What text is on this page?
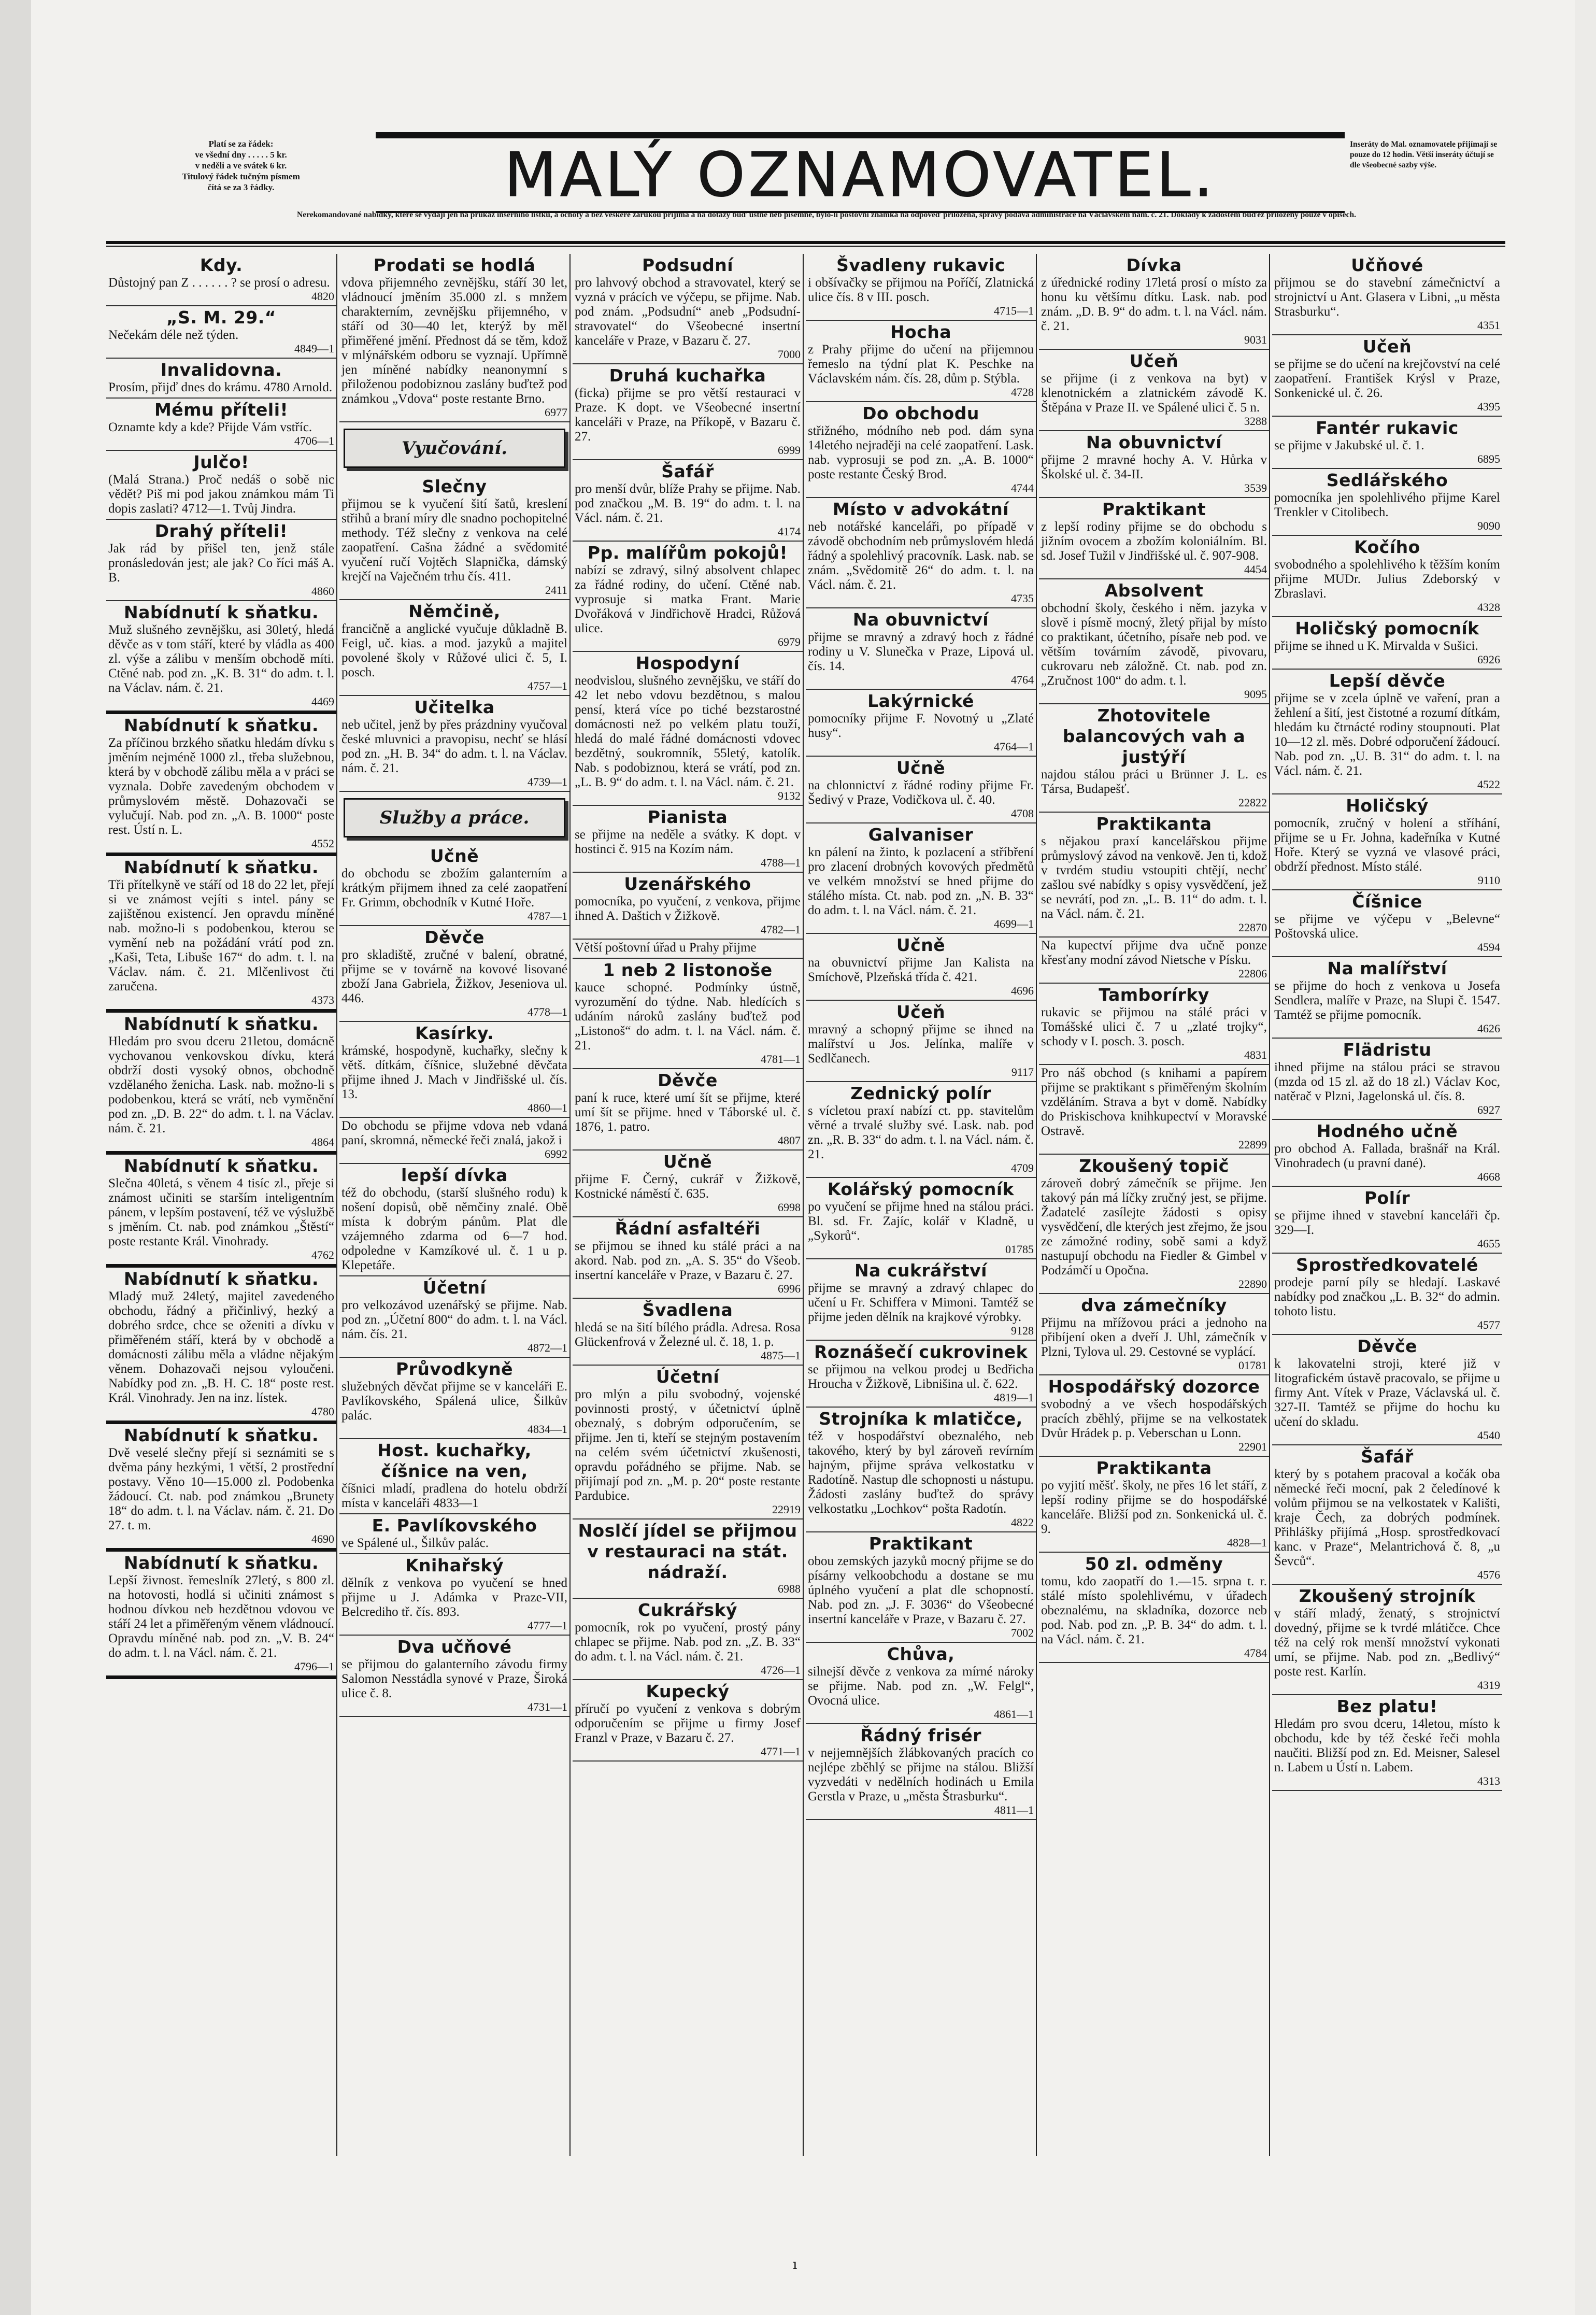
Platí se za řádek:
ve všední dny . . . . . 5 kr.
v neděli a ve svátek 6 kr.
Titulový řádek tučným písmem
čítá se za 3 řádky.	MALÝ OZNAMOVATEL.	Inseráty do Mal. oznamovatele přijímají se pouze do 12 hodin. Větší inseráty účtují se dle všeobecné sazby výše.
Nerekomandované nabídky, které se vydají jen na průkaz inserního lístku, a ochoty a bez veškeré zárukou přijímá a na dotazy buď ústně neb písemně, bylo-li poštovní známka na odpověď přiložena, správy podává administrace na Václavském nám. č. 21. Doklady k žádostem buďež přiloženy pouze v opisech.
Kdy.
Důstojný pan Z . . . . . . ? se prosí o adresu.
4820
„S. M. 29.“
Nečekám déle než týden.
4849—1
Invalidovna.
Prosím, přijď dnes do krámu. 4780 Arnold.
Mému příteli!
Oznamte kdy a kde? Přijde Vám vstříc.
4706—1
Julčo!
(Malá Strana.) Proč nedáš o sobě nic vědět? Piš mi pod jakou známkou mám Ti dopis zaslati? 4712—1. Tvůj Jindra.
Drahý příteli!
Jak rád by přišel ten, jenž stále pronásledován jest; ale jak? Co říci máš A. B.
4860
Nabídnutí k sňatku.
Muž slušného zevnějšku, asi 30letý, hledá děvče as v tom stáří, které by vládla as 400 zl. výše a zálibu v menším obchodě míti. Ctěné nab. pod zn. „K. B. 31“ do adm. t. l. na Václav. nám. č. 21.
4469
Nabídnutí k sňatku.
Za příčinou brzkého sňatku hledám dívku s jměním nejméně 1000 zl., třeba služebnou, která by v obchodě zálibu měla a v práci se vyznala. Dobře zavedeným obchodem v průmyslovém městě. Dohazovači se vylučují. Nab. pod zn. „A. B. 1000“ poste rest. Ústí n. L.
4552
Nabídnutí k sňatku.
Tři přítelkyně ve stáří od 18 do 22 let, přejí si ve známost vejíti s intel. pány se zajištěnou existencí. Jen opravdu míněné nab. možno-li s podobenkou, kterou se vymění neb na požádání vrátí pod zn. „Kaši, Teta, Libuše 167“ do adm. t. l. na Václav. nám. č. 21. Mlčenlivost čti zaručena.
4373
Nabídnutí k sňatku.
Hledám pro svou dceru 21letou, domácně vychovanou venkovskou dívku, která obdrží dosti vysoký obnos, obchodně vzdělaného ženicha. Lask. nab. možno-li s podobenkou, která se vrátí, neb vyměnění pod zn. „D. B. 22“ do adm. t. l. na Václav. nám. č. 21.
4864
Nabídnutí k sňatku.
Slečna 40letá, s věnem 4 tisíc zl., přeje si známost učiniti se starším inteligentním pánem, v lepším postavení, též ve výslužbě s jměním. Ct. nab. pod známkou „Štěstí“ poste restante Král. Vinohrady.
4762
Nabídnutí k sňatku.
Mladý muž 24letý, majitel zavedeného obchodu, řádný a přičinlivý, hezký a dobrého srdce, chce se oženiti a dívku v přiměřeném stáří, která by v obchodě a domácnosti zálibu měla a vládne nějakým věnem. Dohazovači nejsou vyloučeni. Nabídky pod zn. „B. H. C. 18“ poste rest. Král. Vinohrady. Jen na inz. lístek.
4780
Nabídnutí k sňatku.
Dvě veselé slečny přejí si seznámiti se s dvěma pány hezkými, 1 větší, 2 prostřední postavy. Věno 10—15.000 zl. Podobenka žádoucí. Ct. nab. pod známkou „Brunety 18“ do adm. t. l. na Václav. nám. č. 21. Do 27. t. m.
4690
Nabídnutí k sňatku.
Lepší živnost. řemeslník 27letý, s 800 zl. na hotovosti, hodlá si učiniti známost s hodnou dívkou neb hezdětnou vdovou ve stáří 24 let a přiměřeným věnem vládnoucí. Opravdu míněné nab. pod zn. „V. B. 24“ do adm. t. l. na Václ. nám. č. 21.
4796—1
Prodati se hodlá
vdova přijemného zevnějšku, stáří 30 let, vládnoucí jměním 35.000 zl. s mnžem charakterním, zevnějšku přijemného, v stáří od 30—40 let, kterýž by měl přiměřené jmění. Přednost dá se těm, kdož v mlýnářském odboru se vyznají. Upřímně jen míněné nabídky neanonymní s přiloženou podobiznou zaslány buďtež pod známkou „Vdova“ poste restante Brno.
6977
Vyučování.
Slečny
přijmou se k vyučení šití šatů, kreslení střihů a braní míry dle snadno pochopitelné methody. Též slečny z venkova na celé zaopatření. Cašna žádné a svědomité vyučení ručí Vojtěch Slapnička, dámský krejčí na Vaječném trhu čís. 411.
2411
Němčině,
francičně a anglické vyučuje důkladně B. Feigl, uč. kias. a mod. jazyků a majitel povolené školy v Růžové ulici č. 5, I. posch.
4757—1
Učitelka
neb učitel, jenž by přes prázdniny vyučoval české mluvnici a pravopisu, nechť se hlásí pod zn. „H. B. 34“ do adm. t. l. na Václav. nám. č. 21.
4739—1
Služby a práce.
Učně
do obchodu se zbožím galanterním a krátkým přijmem ihned za celé zaopatření Fr. Grimm, obchodník v Kutné Hoře.
4787—1
Děvče
pro skladiště, zručné v balení, obratné, přijme se v továrně na kovové lisované zboží Jana Gabriela, Žižkov, Jeseniova ul. 446.
4778—1
Kasírky.
krámské, hospodyně, kuchařky, slečny k větš. dítkám, číšnice, služebné děvčata přijme ihned J. Mach v Jindřišské ul. čís. 13.
4860—1
Do obchodu se přijme vdova neb vdaná paní, skromná, německé řeči znalá, jakož i
6992
lepší dívka
též do obchodu, (starší slušného rodu) k nošení dopisů, obě němčiny znalé. Obě místa k dobrým pánům. Plat dle vzájemného zdarma od 6—7 hod. odpoledne v Kamzíkové ul. č. 1 u p. Klepetáře.
Účetní
pro velkozávod uzenářský se přijme. Nab. pod zn. „Účetní 800“ do adm. t. l. na Václ. nám. čís. 21.
4872—1
Průvodkyně
služebných děvčat přijme se v kanceláři E. Pavlíkovského, Spálená ulice, Šilkův palác.
4834—1
Host. kuchařky, číšnice na ven,
číšnici mladí, pradlena do hotelu obdrží místa v kanceláři 4833—1
E. Pavlíkovského
ve Spálené ul., Šilkův palác.
Knihařský
dělník z venkova po vyučení se hned přijme u J. Adámka v Praze-VII, Belcrediho tř. čís. 893.
4777—1
Dva učňové
se přijmou do galanterního závodu firmy Salomon Nesstádla synové v Praze, Široká ulice č. 8.
4731—1
Podsudní
pro lahvový obchod a stravovatel, který se vyzná v prácích ve výčepu, se přijme. Nab. pod znám. „Podsudní“ aneb „Podsudní-stravovatel“ do Všeobecné insertní kanceláře v Praze, v Bazaru č. 27.
7000
Druhá kuchařka
(ficka) přijme se pro větší restauraci v Praze. K dopt. ve Všeobecné insertní kanceláři v Praze, na Příkopě, v Bazaru č. 27.
6999
Šafář
pro menší dvůr, blíže Prahy se přijme. Nab. pod značkou „M. B. 19“ do adm. t. l. na Václ. nám. č. 21.
4174
Pp. malířům pokojů!
nabízí se zdravý, silný absolvent chlapec za řádné rodiny, do učení. Ctěné nab. vyprosuje si matka Frant. Marie Dvořáková v Jindřichově Hradci, Růžová ulice.
6979
Hospodyní
neodvislou, slušného zevnějšku, ve stáří do 42 let nebo vdovu bezdětnou, s malou pensí, která více po tiché bezstarostné domácnosti než po velkém platu touží, hledá do malé řádné domácnosti vdovec bezdětný, soukromník, 55letý, katolík. Nab. s podobiznou, která se vrátí, pod zn. „L. B. 9“ do adm. t. l. na Václ. nám. č. 21.
9132
Pianista
se přijme na neděle a svátky. K dopt. v hostinci č. 915 na Kozím nám.
4788—1
Uzenářského
pomocníka, po vyučení, z venkova, přijme ihned A. Daštich v Žižkově.
4782—1
Větší poštovní úřad u Prahy přijme
1 neb 2 listonoše
kauce schopné. Podmínky ústně, vyrozumění do týdne. Nab. hledících s udáním nároků zaslány buďtež pod „Listonoš“ do adm. t. l. na Václ. nám. č. 21.
4781—1
Děvče
paní k ruce, které umí šít se přijme, které umí šít se přijme. hned v Táborské ul. č. 1876, 1. patro.
4807
Učně
přijme F. Černý, cukrář v Žižkově, Kostnické náměstí č. 635.
6998
Řádní asfaltéři
se přijmou se ihned ku stálé práci a na akord. Nab. pod zn. „A. S. 35“ do Všeob. insertní kanceláře v Praze, v Bazaru č. 27.
6996
Švadlena
hledá se na šití bílého prádla. Adresa. Rosa Glückenfrová v Železné ul. č. 18, 1. p.
4875—1
Účetní
pro mlýn a pilu svobodný, vojenské povinnosti prostý, v účetnictví úplně obeznalý, s dobrým odporučením, se přijme. Jen ti, kteří se stejným postavením na celém svém účetnictví zkušenosti, opravdu pořádného se přijme. Nab. se přijímají pod zn. „M. p. 20“ poste restante Pardubice.
22919
Noslčí jídel se přijmou v restauraci na stát. nádraží.
6988
Cukrářský
pomocník, rok po vyučení, prostý pány chlapec se přijme. Nab. pod zn. „Z. B. 33“ do adm. t. l. na Václ. nám. č. 21.
4726—1
Kupecký
příručí po vyučení z venkova s dobrým odporučením se přijme u firmy Josef Franzl v Praze, v Bazaru č. 27.
4771—1
Švadleny rukavic
i obšívačky se přijmou na Poříčí, Zlatnická ulice čís. 8 v III. posch.
4715—1
Hocha
z Prahy přijme do učení na přijemnou řemeslo na týdní plat K. Peschke na Václavském nám. čís. 28, dům p. Stýbla.
4728
Do obchodu
střižného, módního neb pod. dám syna 14letého nejraději na celé zaopatření. Lask. nab. vyprosuji se pod zn. „A. B. 1000“ poste restante Český Brod.
4744
Místo v advokátní
neb notářské kanceláři, po případě v závodě obchodním neb průmyslovém hledá řádný a spolehlivý pracovník. Lask. nab. se znám. „Svědomitě 26“ do adm. t. l. na Václ. nám. č. 21.
4735
Na obuvnictví
přijme se mravný a zdravý hoch z řádné rodiny u V. Slunečka v Praze, Lipová ul. čís. 14.
4764
Lakýrnické
pomocníky přijme F. Novotný u „Zlaté husy“.
4764—1
Učně
na chlonnictví z řádné rodiny přijme Fr. Šedivý v Praze, Vodičkova ul. č. 40.
4708
Galvaniser
kn pálení na žinto, k pozlacení a stříbření pro zlacení drobných kovových předmětů ve velkém množství se hned přijme do stálého místa. Ct. nab. pod zn. „N. B. 33“ do adm. t. l. na Václ. nám. č. 21.
4699—1
Učně
na obuvnictví přijme Jan Kalista na Smíchově, Plzeňská třída č. 421.
4696
Učeň
mravný a schopný přijme se ihned na malířství u Jos. Jelínka, malíře v Sedlčanech.
9117
Zednický polír
s vícletou praxí nabízí ct. pp. stavitelům věrné a trvalé služby své. Lask. nab. pod zn. „R. B. 33“ do adm. t. l. na Václ. nám. č. 21.
4709
Kolářský pomocník
po vyučení se přijme hned na stálou práci. Bl. sd. Fr. Zajíc, kolář v Kladně, u „Sykorů“.
01785
Na cukrářství
přijme se mravný a zdravý chlapec do učení u Fr. Schiffera v Mimoni. Tamtéž se přijme jeden dělník na krajkové výrobky.
9128
Roznášečí cukrovinek
se přijmou na velkou prodej u Bedřicha Hroucha v Žižkově, Libnišina ul. č. 622.
4819—1
Strojníka k mlatičce,
též v hospodářství obeznalého, neb takového, který by byl zároveň revírním hajným, přijme správa velkostatku v Radotíně. Nastup dle schopnosti u nástupu. Žádosti zaslány buďtež do správy velkostatku „Lochkov“ pošta Radotín.
4822
Praktikant
obou zemských jazyků mocný přijme se do písárny velkoobchodu a dostane se mu úplného vyučení a plat dle schopností. Nab. pod zn. „J. F. 3036“ do Všeobecné insertní kanceláře v Praze, v Bazaru č. 27.
7002
Chůva,
silnejší děvče z venkova za mírné nároky se přijme. Nab. pod zn. „W. Felgl“, Ovocná ulice.
4861—1
Řádný frisér
v nejjemnějších žlábkovaných pracích co nejlépe zběhlý se přijme na stálou. Bližší vyzvedáti v nedělních hodinách u Emila Gerstla v Praze, u „města Štrasburku“.
4811—1
Dívka
z úřednické rodiny 17letá prosí o místo za honu ku většímu dítku. Lask. nab. pod znám. „D. B. 9“ do adm. t. l. na Václ. nám. č. 21.
9031
Učeň
se přijme (i z venkova na byt) v klenotnickém a zlatnickém závodě K. Štěpána v Praze II. ve Spálené ulici č. 5 n.
3288
Na obuvnictví
přijme 2 mravné hochy A. V. Hůrka v Školské ul. č. 34-II.
3539
Praktikant
z lepší rodiny přijme se do obchodu s jižním ovocem a zbožím koloniálním. Bl. sd. Josef Tužil v Jindřišské ul. č. 907-908.
4454
Absolvent
obchodní školy, českého i něm. jazyka v slově i písmě mocný, žletý přijal by místo co praktikant, účetního, písaře neb pod. ve větším továrním závodě, pivovaru, cukrovaru neb záložně. Ct. nab. pod zn. „Zručnost 100“ do adm. t. l.
9095
Zhotovitele balancových vah a justýří
najdou stálou práci u Brünner J. L. es Társa, Budapešť.
22822
Praktikanta
s nějakou praxí kancelářskou přijme průmyslový závod na venkově. Jen ti, kdož v tvrdém studiu vstoupiti chtějí, nechť zašlou své nabídky s opisy vysvědčení, jež se nevrátí, pod zn. „L. B. 11“ do adm. t. l. na Václ. nám. č. 21.
22870
Na kupectví přijme dva učně ponze křesťany modní závod Nietsche v Písku.
22806
Tamborírky
rukavic se přijmou na stálé práci v Tomášské ulici č. 7 u „zlaté trojky“, schody v I. posch. 3. posch.
4831
Pro náš obchod (s knihami a papírem přijme se praktikant s přiměřeným školním vzděláním. Strava a byt v domě. Nabídky do Priskischova knihkupectví v Moravské Ostravě.
22899
Zkoušený topič
zároveň dobrý zámečník se přijme. Jen takový pán má líčky zručný jest, se přijme. Žadatelé zasílejte žádosti s opisy vysvědčení, dle kterých jest zřejmo, že jsou ze zámožné rodiny, sobě sami a když nastupují obchodu na Fiedler & Gimbel v Podzámčí u Opočna.
22890
dva zámečníky
Přijmu na mřížovou práci a jednoho na přibíjení oken a dveří J. Uhl, zámečník v Plzni, Tylova ul. 29. Cestovné se vyplácí.
01781
Hospodářský dozorce
svobodný a ve všech hospodářských pracích zběhlý, přijme se na velkostatek Dvůr Hrádek p. p. Veberschan u Lonn.
22901
Praktikanta
po vyjití měšť. školy, ne přes 16 let stáří, z lepší rodiny přijme se do hospodářské kanceláře. Bližší pod zn. Sonkenická ul. č. 9.
4828—1
50 zl. odměny
tomu, kdo zaopatří do 1.—15. srpna t. r. stálé místo spolehlivému, v úřadech obeznalému, na skladníka, dozorce neb pod. Nab. pod zn. „P. B. 34“ do adm. t. l. na Václ. nám. č. 21.
4784
Učňové
přijmou se do stavební zámečnictví a strojnictví u Ant. Glasera v Libni, „u města Strasburku“.
4351
Učeň
se přijme se do učení na krejčovství na celé zaopatření. František Krýsl v Praze, Sonkenické ul. č. 26.
4395
Fantér rukavic
se přijme v Jakubské ul. č. 1.
6895
Sedlářského
pomocníka jen spolehlivého přijme Karel Trenkler v Citolibech.
9090
Kočího
svobodného a spolehlivého k těžším koním přijme MUDr. Julius Zdeborský v Zbraslavi.
4328
Holičský pomocník
přijme se ihned u K. Mirvalda v Sušici.
6926
Lepší děvče
přijme se v zcela úplně ve vaření, pran a žehlení a šití, jest čistotné a rozumí dítkám, hledám ku čtrnácté rodiny stoupnouti. Plat 10—12 zl. měs. Dobré odporučení žádoucí. Nab. pod zn. „U. B. 31“ do adm. t. l. na Václ. nám. č. 21.
4522
Holičský
pomocník, zručný v holení a stříhání, přijme se u Fr. Johna, kadeřníka v Kutné Hoře. Který se vyzná ve vlasové práci, obdrží přednost. Místo stálé.
9110
Číšnice
se přijme ve výčepu v „Belevne“ Poštovská ulice.
4594
Na malířství
se přijme do hoch z venkova u Josefa Sendlera, malíře v Praze, na Slupi č. 1547. Tamtéž se přijme pomocník.
4626
Flädristu
ihned přijme na stálou práci se stravou (mzda od 15 zl. až do 18 zl.) Václav Koc, natěrač v Plzni, Jagelonská ul. čís. 8.
6927
Hodného učně
pro obchod A. Fallada, brašnář na Král. Vinohradech (u pravní dané).
4668
Polír
se přijme ihned v stavební kanceláři čp. 329—I.
4655
Sprostředkovatelé
prodeje parní píly se hledají. Laskavé nabídky pod značkou „L. B. 32“ do admin. tohoto listu.
4577
Děvče
k lakovatelni stroji, které již v litografickém ústavě pracovalo, se přijme u firmy Ant. Vítek v Praze, Václavská ul. č. 327-II. Tamtéž se přijme do hochu ku učení do skladu.
4540
Šafář
který by s potahem pracoval a kočák oba německé řeči mocní, pak 2 čeledínové k volům přijmou se na velkostatek v Kališti, kraje Čech, za dobrých podmínek. Přihlášky přijímá „Hosp. sprostředkovací kanc. v Praze“, Melantrichová č. 8, „u Ševců“.
4576
Zkoušený strojník
v stáří mladý, ženatý, s strojnictví dovedný, přijme se k tvrdé mlátičce. Chce též na celý rok menší množství vykonati umí, se přijme. Nab. pod zn. „Bedlivý“ poste rest. Karlín.
4319
Bez platu!
Hledám pro svou dceru, 14letou, místo k obchodu, kde by též české řeči mohla naučiti. Bližší pod zn. Ed. Meisner, Salesel n. Labem u Ústí n. Labem.
4313
ı
